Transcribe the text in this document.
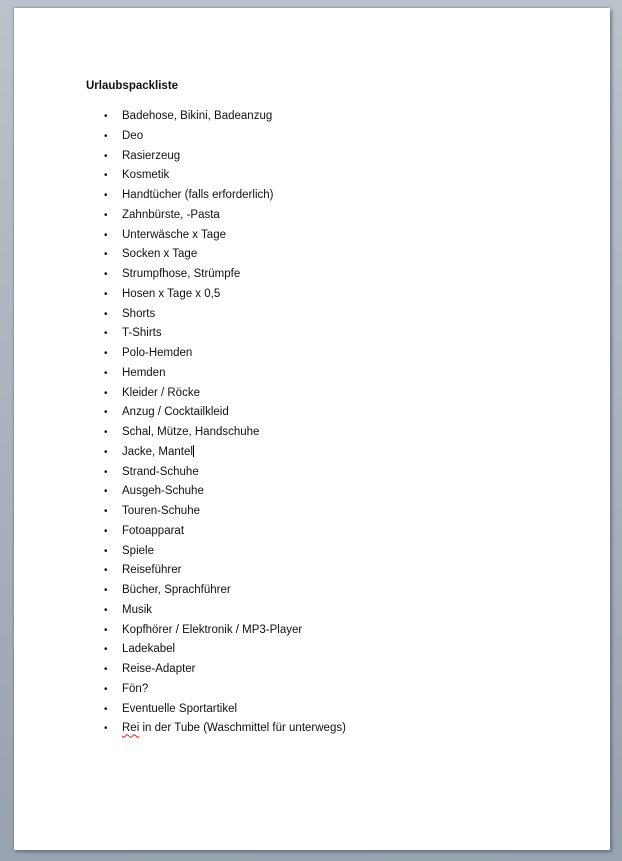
Urlaubspackliste
• Badehose, Bikini, Badeanzug
• Deo
• Rasierzeug
• Kosmetik
• Handtücher (falls erforderlich)
• Zahnbürste, -Pasta
• Unterwäsche x Tage
• Socken x Tage
• Strumpfhose, Strümpfe
• Hosen x Tage x 0,5
• Shorts
• T-Shirts
• Polo-Hemden
• Hemden
• Kleider / Röcke
• Anzug / Cocktailkleid
• Schal, Mütze, Handschuhe
• Jacke, Mantel
• Strand-Schuhe
• Ausgeh-Schuhe
• Touren-Schuhe
• Fotoapparat
• Spiele
• Reiseführer
• Bücher, Sprachführer
• Musik
• Kopfhörer / Elektronik / MP3-Player
• Ladekabel
• Reise-Adapter
• Fön?
• Eventuelle Sportartikel
• Rei in der Tube (Waschmittel für unterwegs)
